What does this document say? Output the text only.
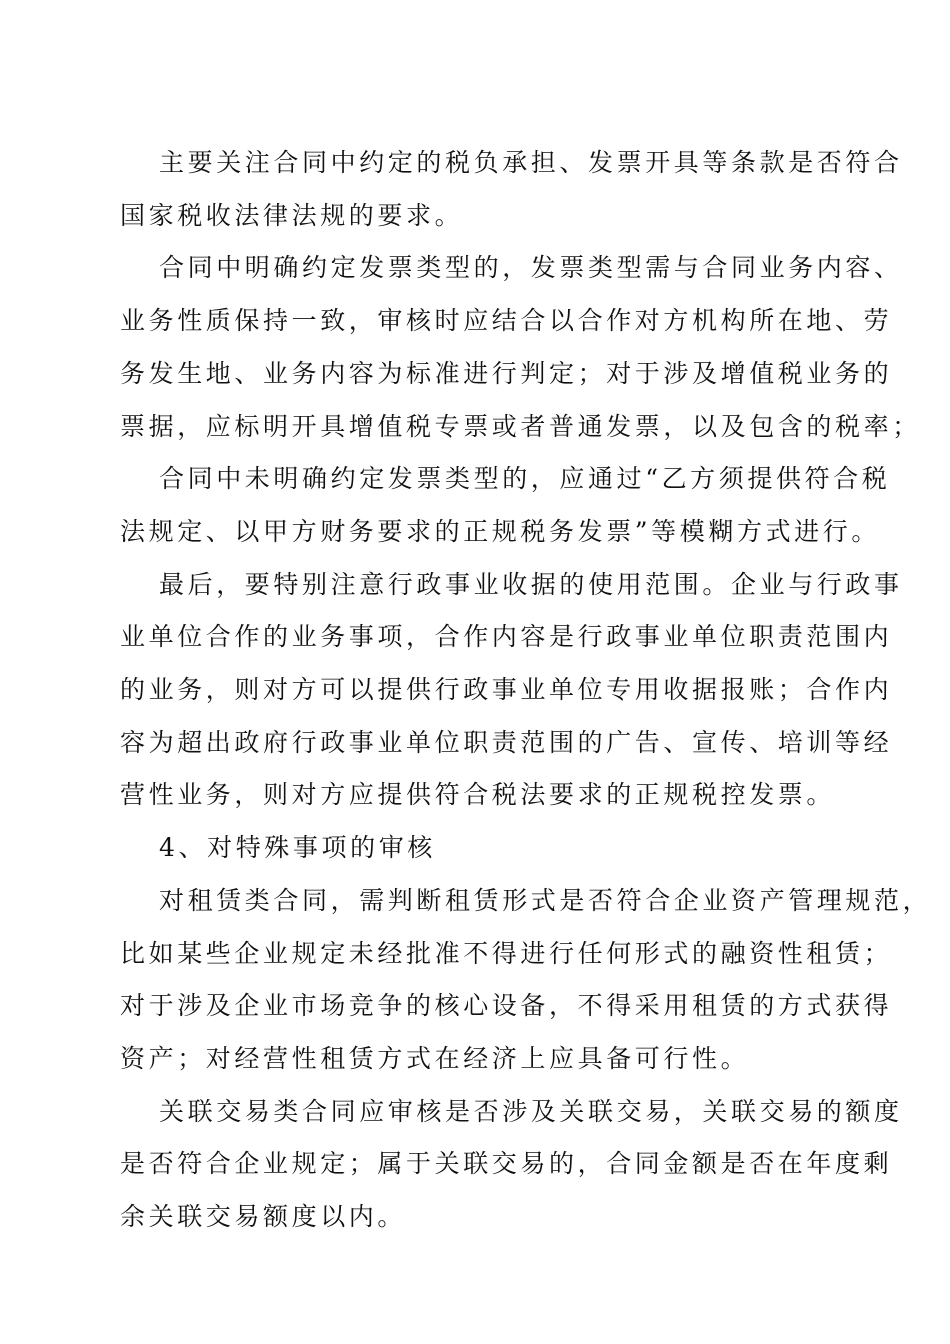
主要关注合同中约定的税负承担、发票开具等条款是否符合
国家税收法律法规的要求。
合同中明确约定发票类型的，发票类型需与合同业务内容、
业务性质保持一致，审核时应结合以合作对方机构所在地、劳
务发生地、业务内容为标准进行判定；对于涉及增值税业务的
票据，应标明开具增值税专票或者普通发票，以及包含的税率；
合同中未明确约定发票类型的，应通过“乙方须提供符合税
法规定、以甲方财务要求的正规税务发票”等模糊方式进行。
最后，要特别注意行政事业收据的使用范围。企业与行政事
业单位合作的业务事项，合作内容是行政事业单位职责范围内
的业务，则对方可以提供行政事业单位专用收据报账；合作内
容为超出政府行政事业单位职责范围的广告、宣传、培训等经
营性业务，则对方应提供符合税法要求的正规税控发票。
4、对特殊事项的审核
对租赁类合同，需判断租赁形式是否符合企业资产管理规范，
比如某些企业规定未经批准不得进行任何形式的融资性租赁；
对于涉及企业市场竞争的核心设备，不得采用租赁的方式获得
资产；对经营性租赁方式在经济上应具备可行性。
关联交易类合同应审核是否涉及关联交易，关联交易的额度
是否符合企业规定；属于关联交易的，合同金额是否在年度剩
余关联交易额度以内。
